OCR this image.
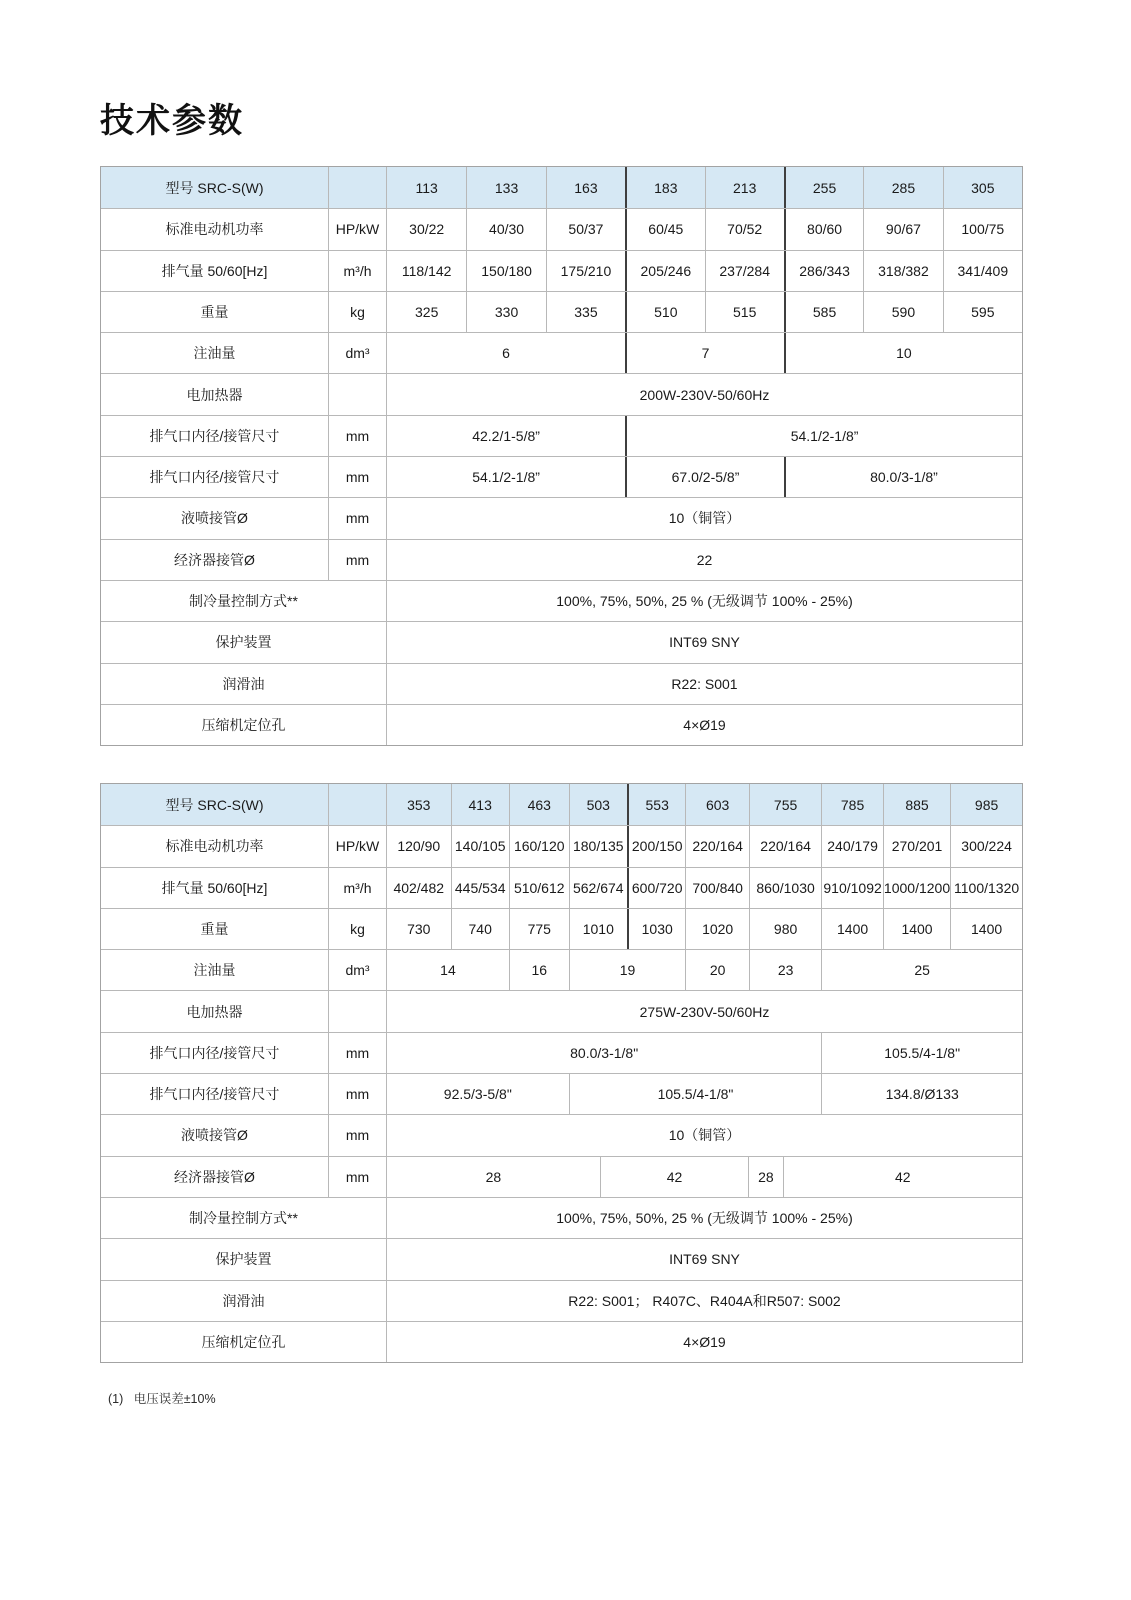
技术参数
型号 SRC-S(W)	113	133	163	183	213	255	285	305
标准电动机功率	HP/kW	30/22	40/30	50/37	60/45	70/52	80/60	90/67	100/75
排气量 50/60[Hz]	m³/h	118/142	150/180	175/210	205/246	237/284	286/343	318/382	341/409
重量	kg	325	330	335	510	515	585	590	595
注油量	dm³	6	7	10
电加热器	200W-230V-50/60Hz
排气口内径/接管尺寸	mm	42.2/1-5/8”	54.1/2-1/8”
排气口内径/接管尺寸	mm	54.1/2-1/8”	67.0/2-5/8”	80.0/3-1/8”
液喷接管Ø	mm	10（铜管）
经济器接管Ø	mm	22
制冷量控制方式**	100%, 75%, 50%, 25 % (无级调节 100% - 25%)
保护装置	INT69 SNY
润滑油	R22: S001
压缩机定位孔	4×Ø19
型号 SRC-S(W)	353	413	463	503	553	603	755	785	885	985
标准电动机功率	HP/kW	120/90	140/105 160/120 180/135 200/150 220/164	220/164	240/179 270/201	300/224
排气量 50/60[Hz]	m³/h	402/482 445/534 510/612 562/674 600/720 700/840 860/1030 910/1092 1000/1200 1100/1320
重量	kg	730	740	775	1010	1030	1020	980	1400	1400	1400
注油量	dm³	14	16	19	20	23	25
电加热器	275W-230V-50/60Hz
排气口内径/接管尺寸	mm	80.0/3-1/8"	105.5/4-1/8"
排气口内径/接管尺寸	mm	92.5/3-5/8"	105.5/4-1/8"	134.8/Ø133
液喷接管Ø	mm	10（铜管）
经济器接管Ø	mm	28	42	28	42
制冷量控制方式**	100%, 75%, 50%, 25 % (无级调节 100% - 25%)
保护装置	INT69 SNY
润滑油	R22: S001； R407C、R404A和R507: S002
压缩机定位孔	4×Ø19
(1)   电压误差±10%
